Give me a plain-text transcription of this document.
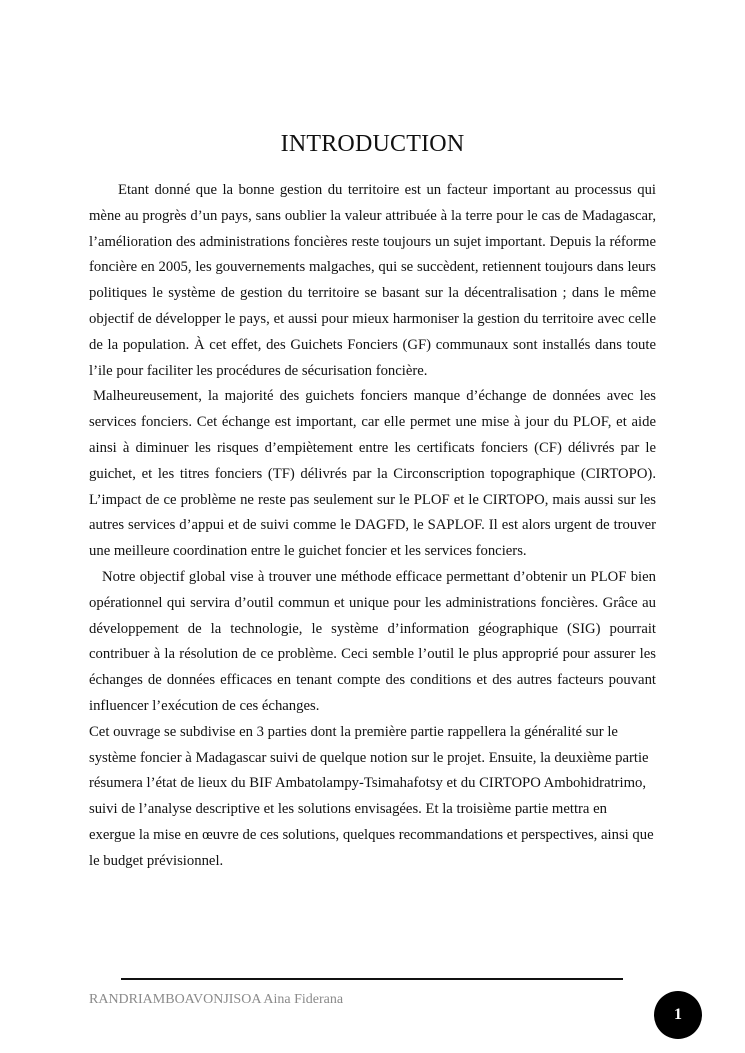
INTRODUCTION

Etant donné que la bonne gestion du territoire est un facteur important au processus qui mène au progrès d’un pays, sans oublier la valeur attribuée à la terre pour le cas de Madagascar, l’amélioration des administrations foncières reste toujours un sujet important. Depuis la réforme foncière en 2005, les gouvernements malgaches, qui se succèdent, retiennent toujours dans leurs politiques le système de gestion du territoire se basant sur la décentralisation ; dans le même objectif de développer le pays, et aussi pour mieux harmoniser la gestion du territoire avec celle de la population. À cet effet, des Guichets Fonciers (GF) communaux sont installés dans toute l’ile pour faciliter les procédures de sécurisation foncière.

Malheureusement, la majorité des guichets fonciers manque d’échange de données avec les services fonciers. Cet échange est important, car elle permet une mise à jour du PLOF, et aide ainsi à diminuer les risques d’empiètement entre les certificats fonciers (CF) délivrés par le guichet, et les titres fonciers (TF) délivrés par la Circonscription topographique (CIRTOPO). L’impact de ce problème ne reste pas seulement sur le PLOF et le CIRTOPO, mais aussi sur les autres services d’appui et de suivi comme le DAGFD, le SAPLOF. Il est alors urgent de trouver une meilleure coordination entre le guichet foncier et les services fonciers.

Notre objectif global vise à trouver une méthode efficace permettant d’obtenir un PLOF bien opérationnel qui servira d’outil commun et unique pour les administrations foncières. Grâce au développement de la technologie, le système d’information géographique (SIG) pourrait contribuer à la résolution de ce problème. Ceci semble l’outil le plus approprié pour assurer les échanges de données efficaces en tenant compte des conditions et des autres facteurs pouvant influencer l’exécution de ces échanges.

Cet ouvrage se subdivise en 3 parties dont la première partie rappellera la généralité sur le système foncier à Madagascar suivi de quelque notion sur le projet. Ensuite, la deuxième partie résumera l’état de lieux du BIF Ambatolampy-Tsimahafotsy et du CIRTOPO Ambohidratrimo, suivi de l’analyse descriptive et les solutions envisagées. Et la troisième partie mettra en exergue la mise en œuvre de ces solutions, quelques recommandations et perspectives, ainsi que le budget prévisionnel.

RANDRIAMBOAVONJISOA Aina Fiderana
1
